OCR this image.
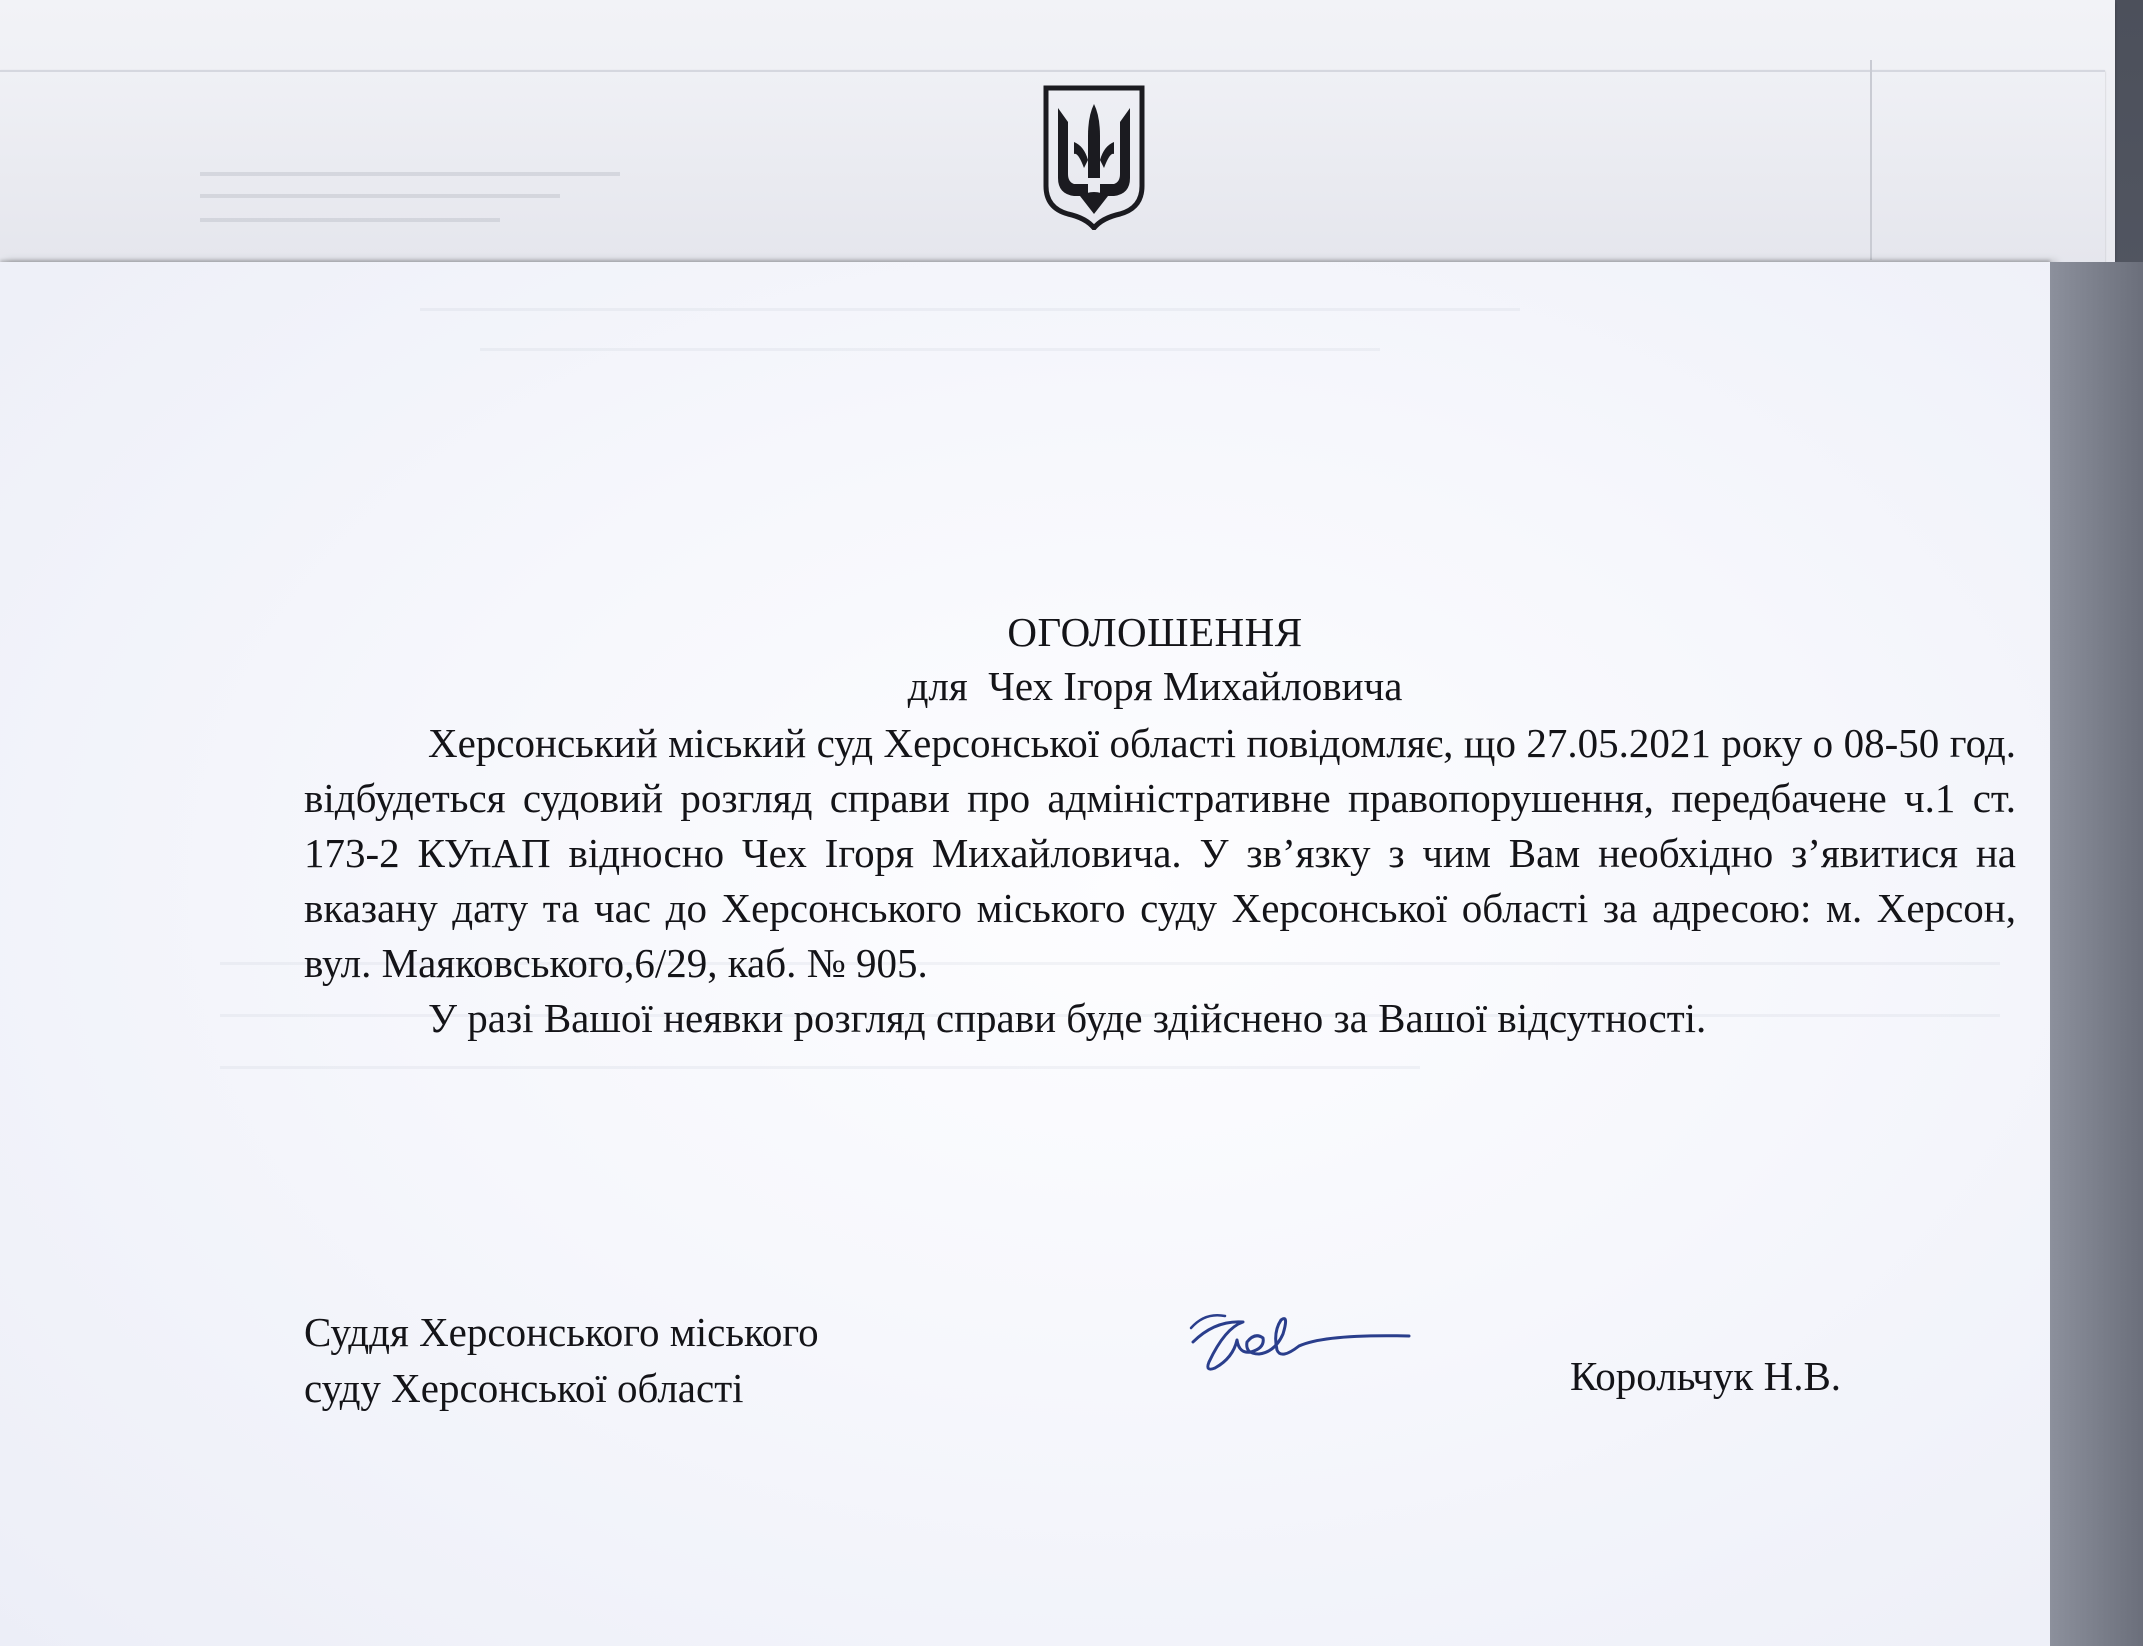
ОГОЛОШЕННЯ
для  Чех Ігоря Михайловича

Херсонський міський суд Херсонської області повідомляє, що 27.05.2021 року о 08-50 год. відбудеться судовий розгляд справи про адміністративне правопорушення, передбачене ч.1 ст. 173-2 КУпАП відносно Чех Ігоря Михайловича. У зв’язку з чим Вам необхідно з’явитися на вказану дату та час до Херсонського міського суду Херсонської області за адресою: м. Херсон, вул. Маяковського,6/29, каб. № 905.

У разі Вашої неявки розгляд справи буде здійснено за Вашої відсутності.

Суддя Херсонського міського
суду Херсонської області	Корольчук Н.В.
